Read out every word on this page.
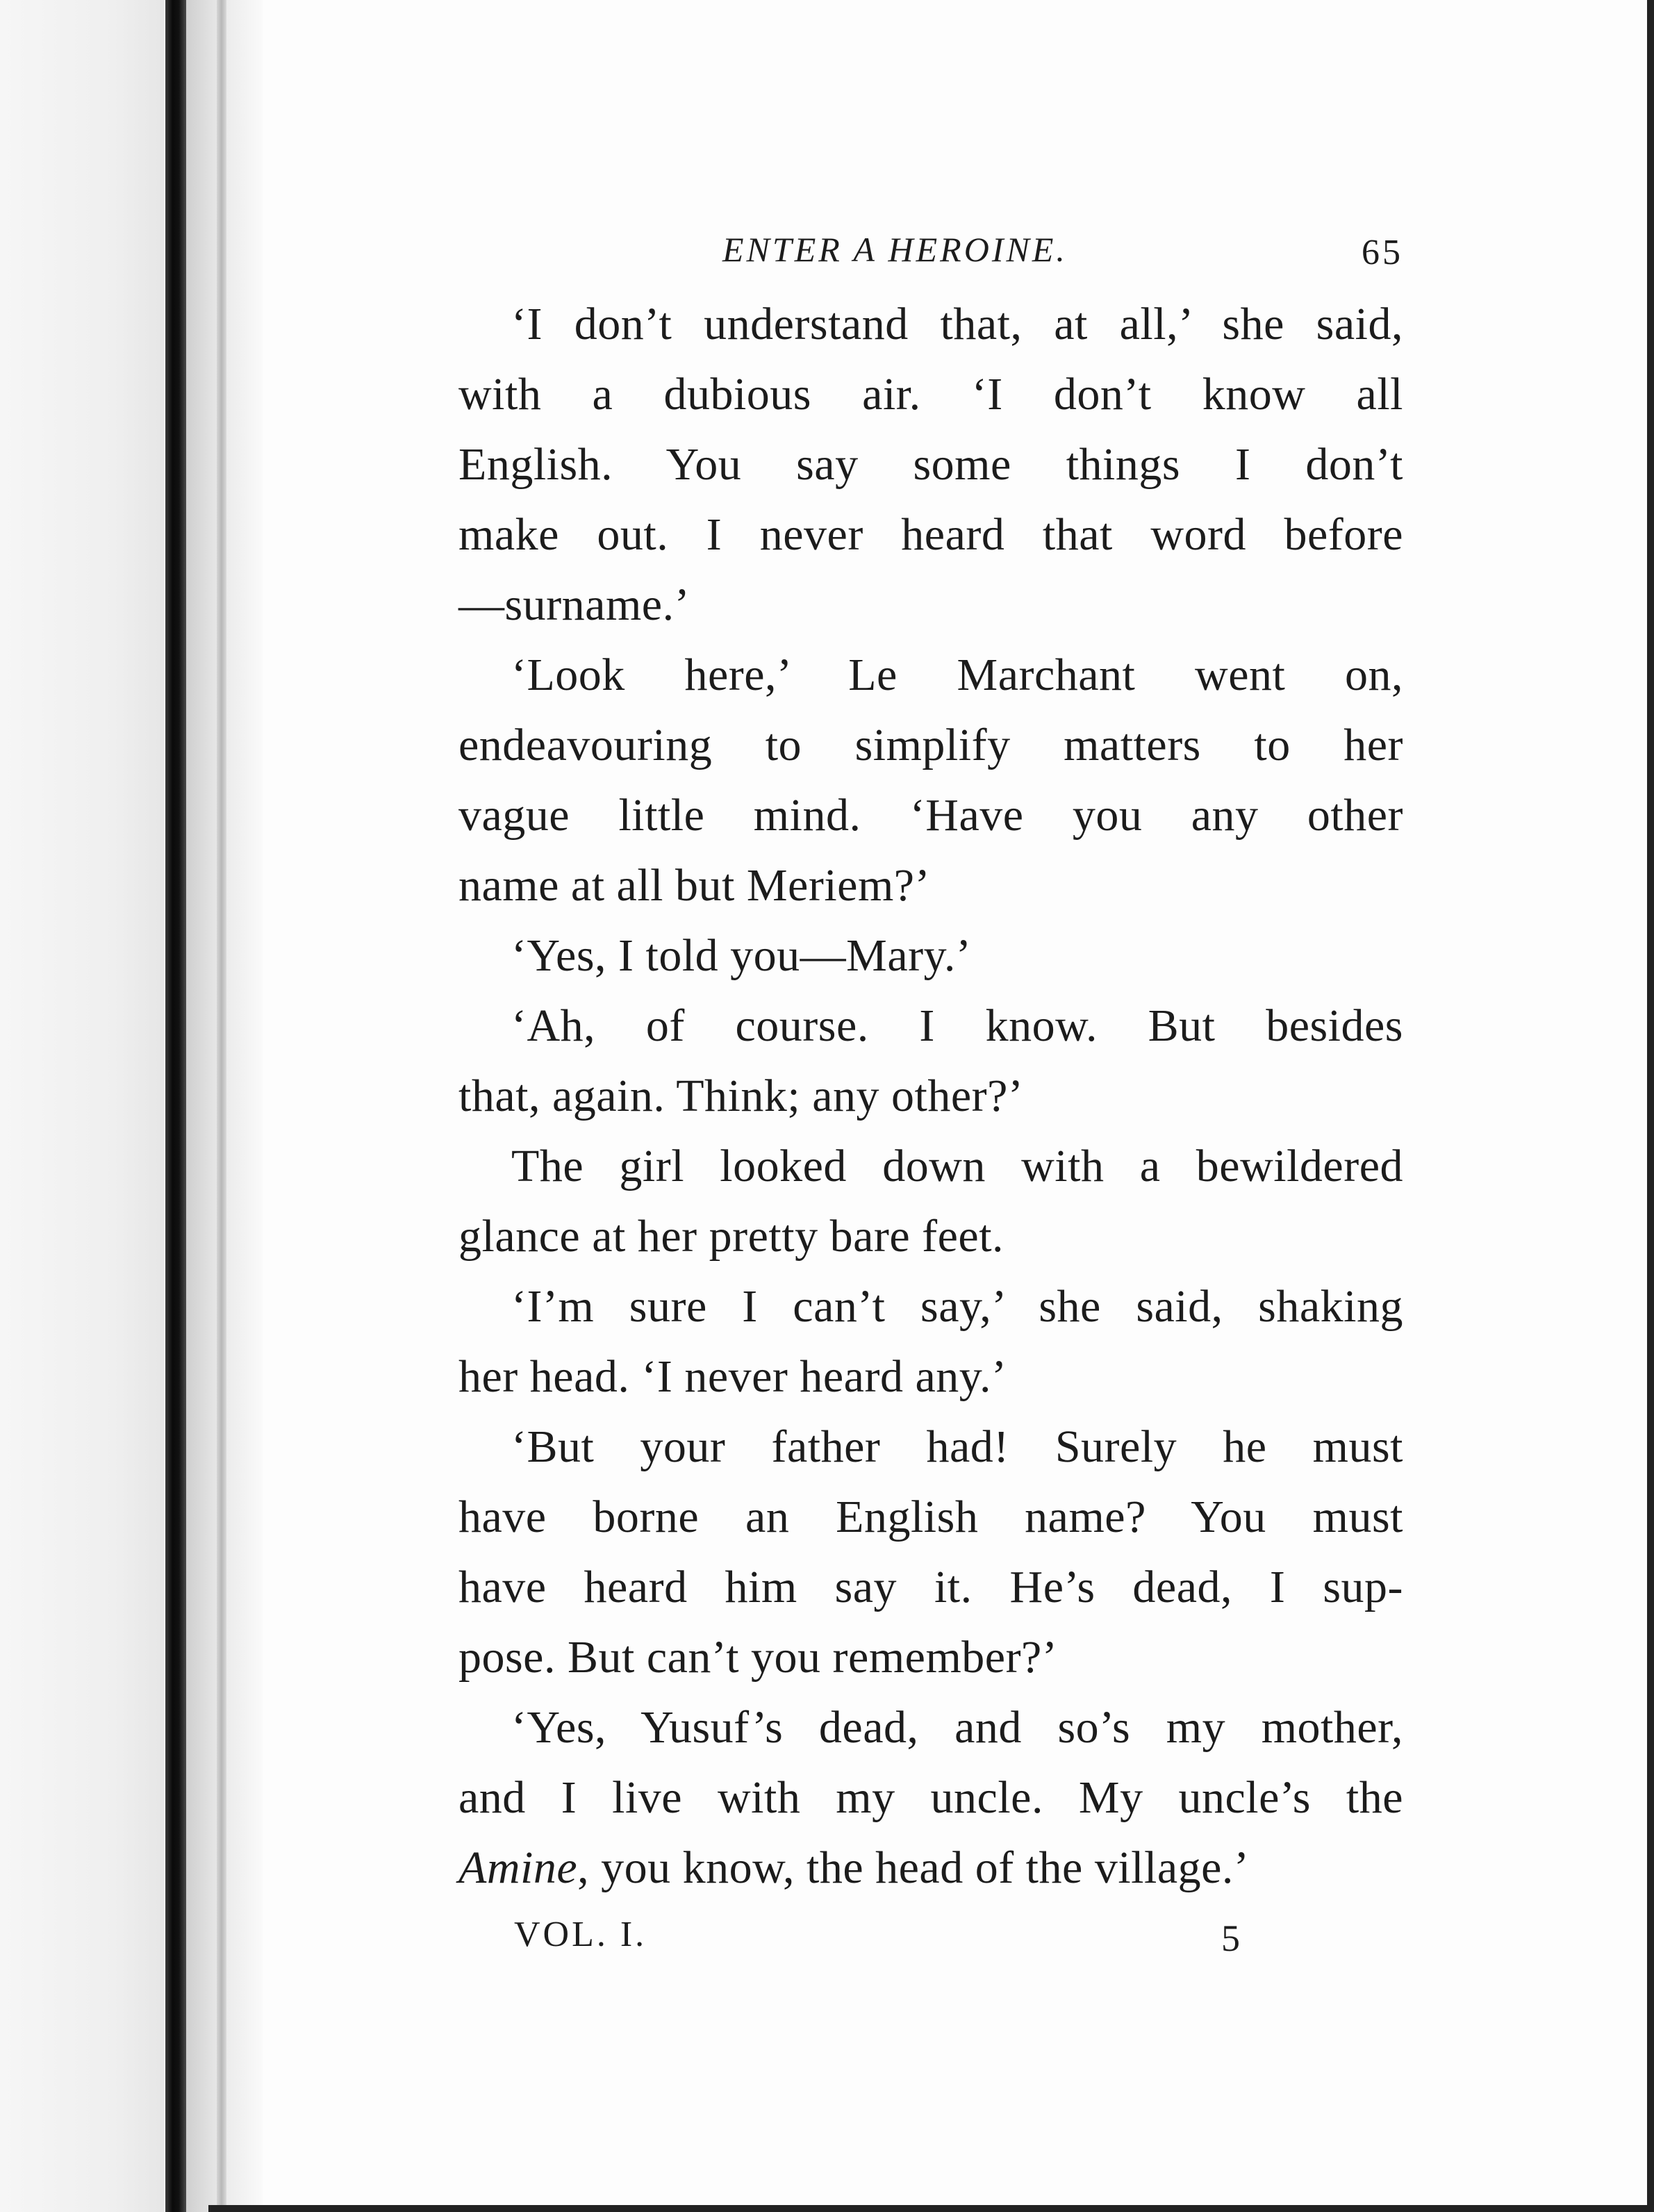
ENTER A HEROINE.	65

‘I don’t understand that, at all,’ she said,
with a dubious air. ‘I don’t know all
English. You say some things I don’t
make out. I never heard that word before
—surname.’

‘Look here,’ Le Marchant went on,
endeavouring to simplify matters to her
vague little mind. ‘Have you any other
name at all but Meriem?’

‘Yes, I told you—Mary.’

‘Ah, of course. I know. But besides
that, again. Think; any other?’

The girl looked down with a bewildered
glance at her pretty bare feet.

‘I’m sure I can’t say,’ she said, shaking
her head. ‘I never heard any.’

‘But your father had! Surely he must
have borne an English name? You must
have heard him say it. He’s dead, I sup-
pose. But can’t you remember?’

‘Yes, Yusuf’s dead, and so’s my mother,
and I live with my uncle. My uncle’s the
Amine, you know, the head of the village.’

VOL. I.	5
